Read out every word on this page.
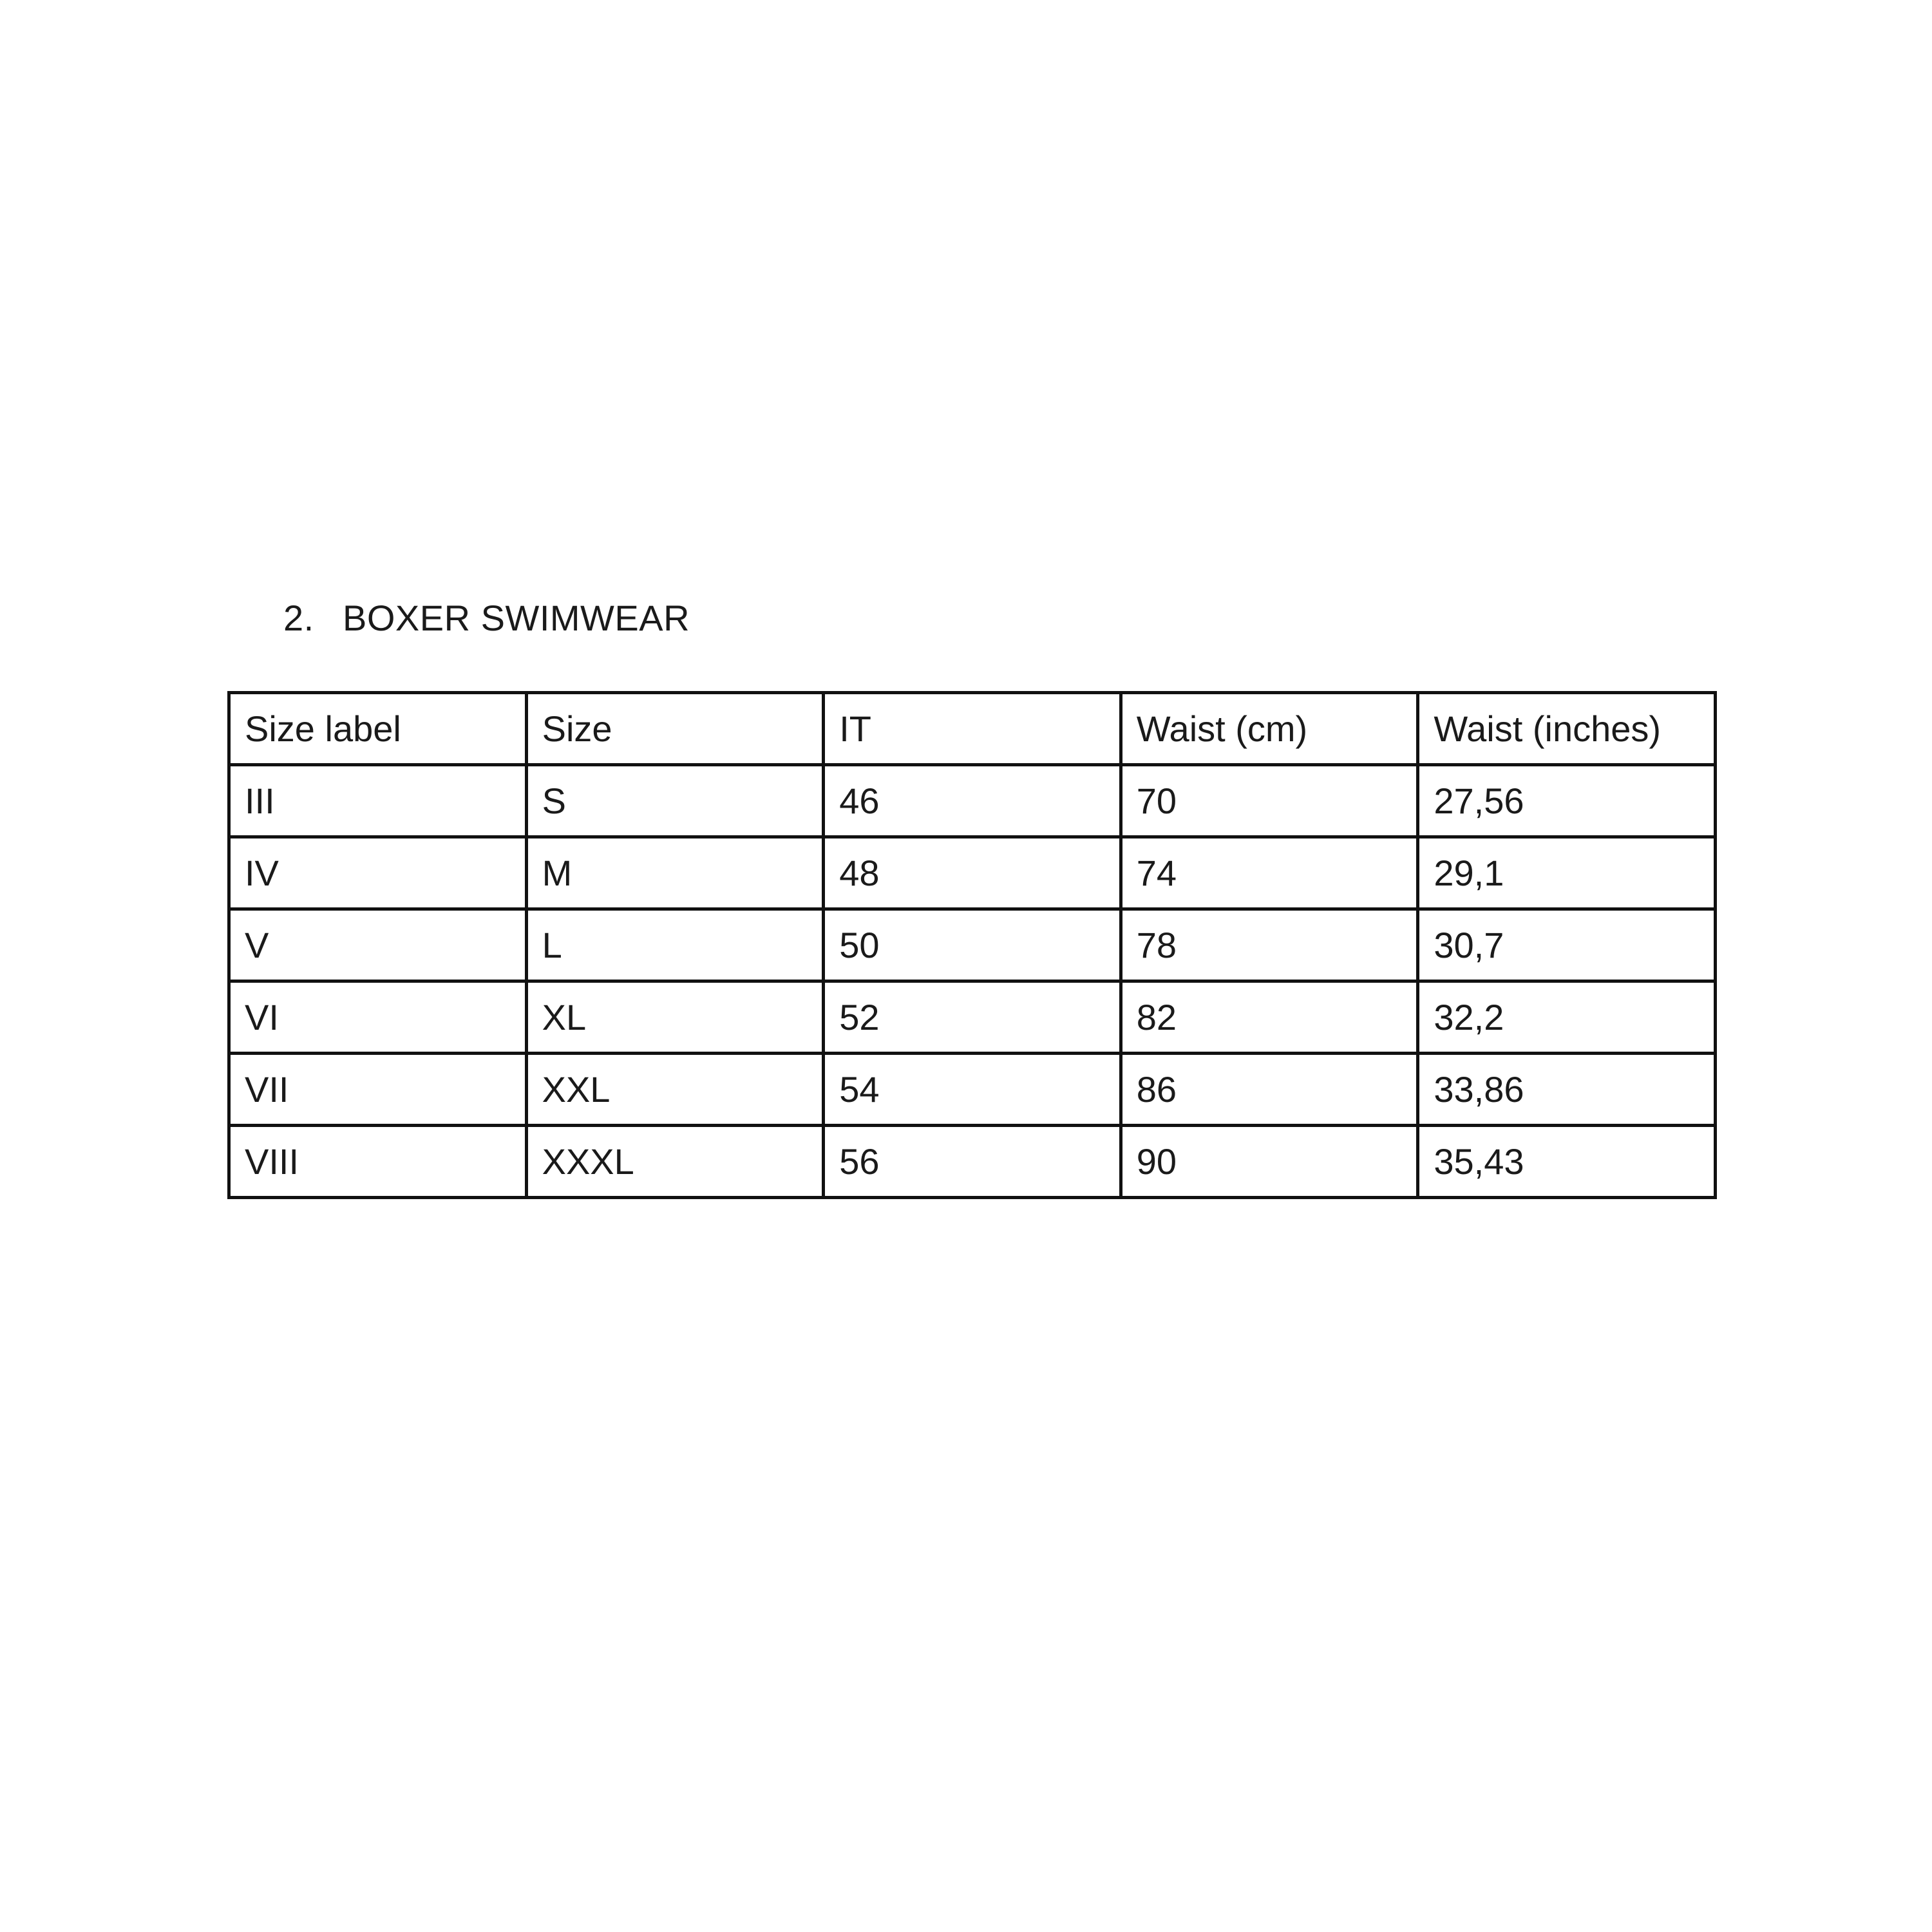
2. BOXER SWIMWEAR
Size label	Size	IT	Waist (cm)	Waist (inches)
III	S	46	70	27,56
IV	M	48	74	29,1
V	L	50	78	30,7
VI	XL	52	82	32,2
VII	XXL	54	86	33,86
VIII	XXXL	56	90	35,43
